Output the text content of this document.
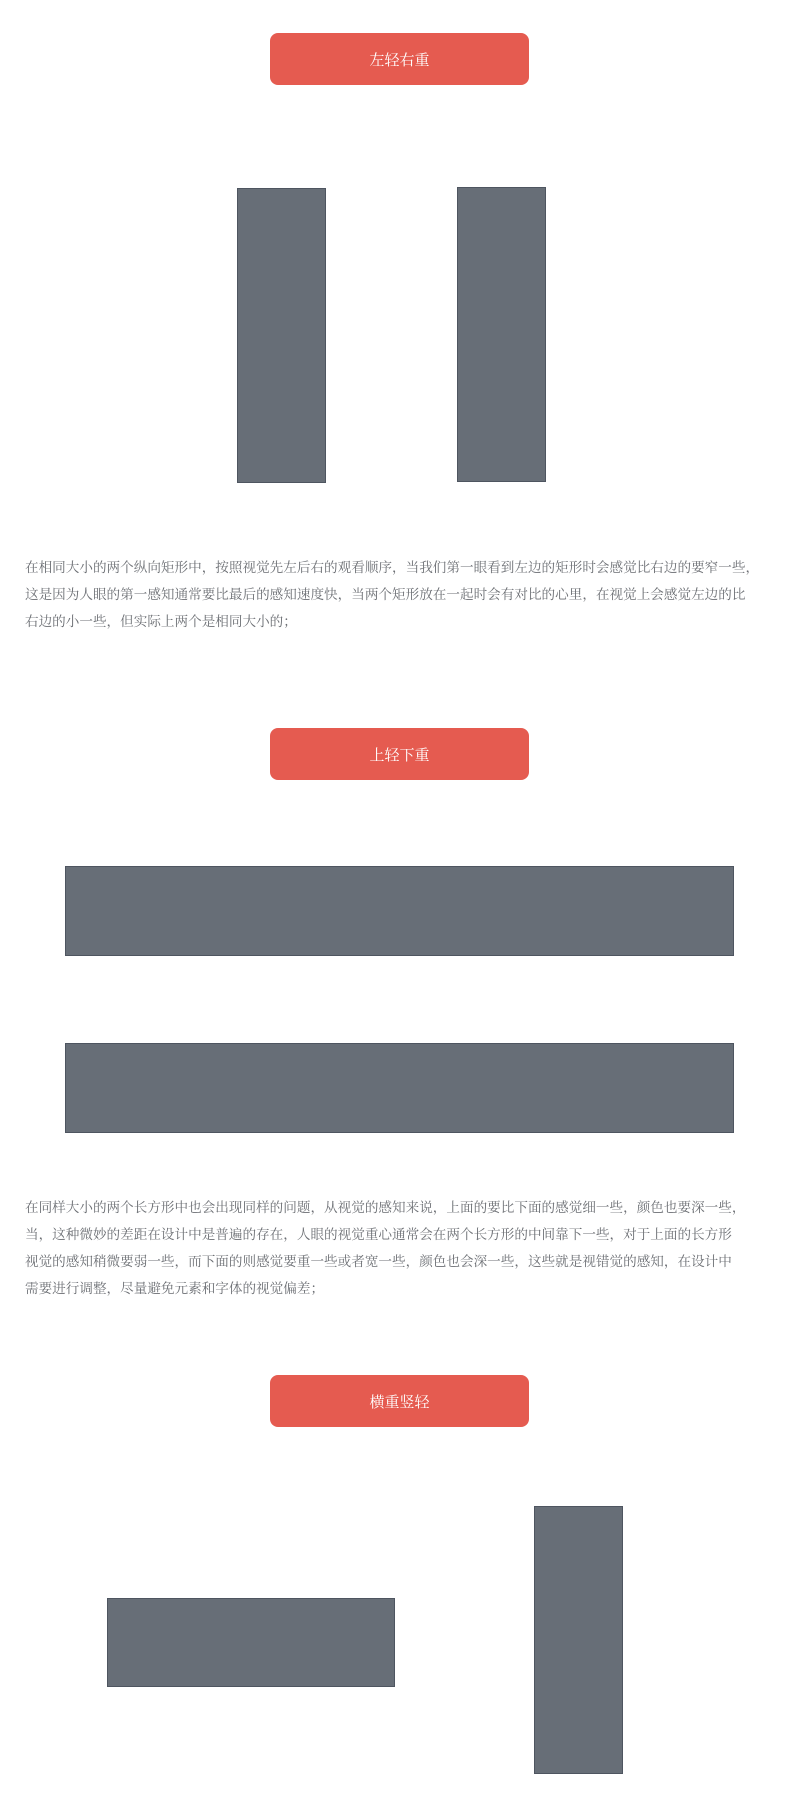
左轻右重

在相同大小的两个纵向矩形中，按照视觉先左后右的观看顺序，当我们第一眼看到左边的矩形时会感觉比右边的要窄一些，
这是因为人眼的第一感知通常要比最后的感知速度快，当两个矩形放在一起时会有对比的心里，在视觉上会感觉左边的比
右边的小一些，但实际上两个是相同大小的；

上轻下重

在同样大小的两个长方形中也会出现同样的问题，从视觉的感知来说，上面的要比下面的感觉细一些，颜色也要深一些，
当，这种微妙的差距在设计中是普遍的存在，人眼的视觉重心通常会在两个长方形的中间靠下一些，对于上面的长方形
视觉的感知稍微要弱一些，而下面的则感觉要重一些或者宽一些，颜色也会深一些，这些就是视错觉的感知，在设计中
需要进行调整，尽量避免元素和字体的视觉偏差；

横重竖轻
